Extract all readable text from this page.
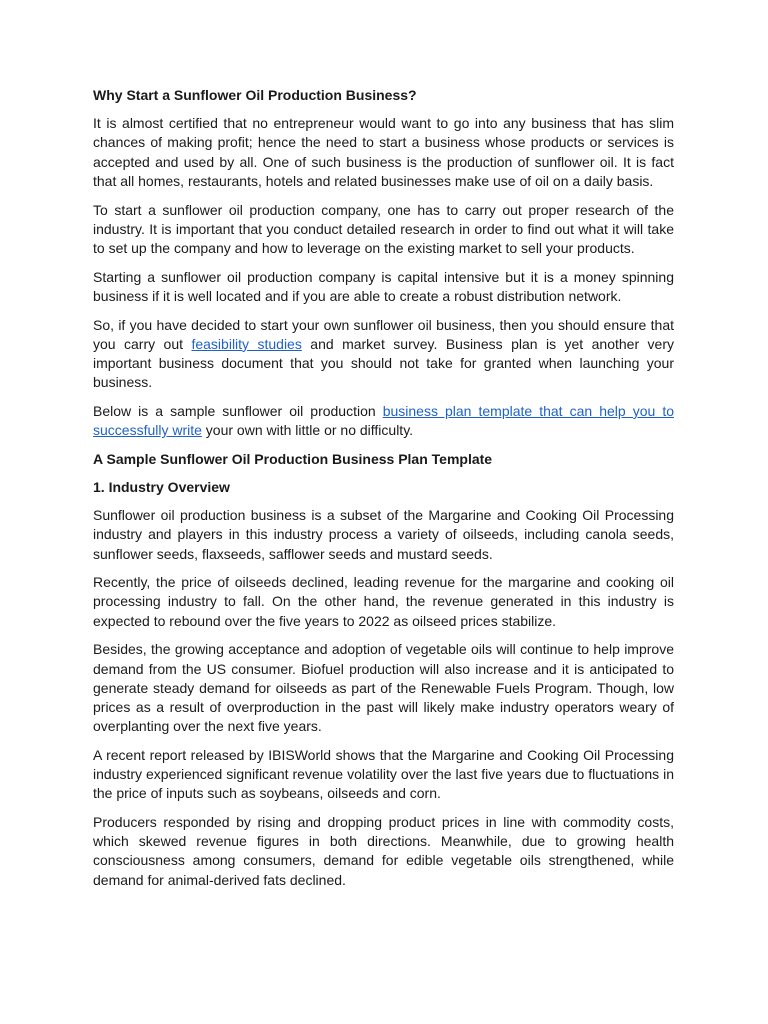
Why Start a Sunflower Oil Production Business?

It is almost certified that no entrepreneur would want to go into any business that has slim chances of making profit; hence the need to start a business whose products or services is accepted and used by all. One of such business is the production of sunflower oil. It is fact that all homes, restaurants, hotels and related businesses make use of oil on a daily basis.

To start a sunflower oil production company, one has to carry out proper research of the industry. It is important that you conduct detailed research in order to find out what it will take to set up the company and how to leverage on the existing market to sell your products.

Starting a sunflower oil production company is capital intensive but it is a money spinning business if it is well located and if you are able to create a robust distribution network.

So, if you have decided to start your own sunflower oil business, then you should ensure that you carry out feasibility studies and market survey. Business plan is yet another very important business document that you should not take for granted when launching your business.

Below is a sample sunflower oil production business plan template that can help you to successfully write your own with little or no difficulty.

A Sample Sunflower Oil Production Business Plan Template

1. Industry Overview

Sunflower oil production business is a subset of the Margarine and Cooking Oil Processing industry and players in this industry process a variety of oilseeds, including canola seeds, sunflower seeds, flaxseeds, safflower seeds and mustard seeds.

Recently, the price of oilseeds declined, leading revenue for the margarine and cooking oil processing industry to fall. On the other hand, the revenue generated in this industry is expected to rebound over the five years to 2022 as oilseed prices stabilize.

Besides, the growing acceptance and adoption of vegetable oils will continue to help improve demand from the US consumer. Biofuel production will also increase and it is anticipated to generate steady demand for oilseeds as part of the Renewable Fuels Program. Though, low prices as a result of overproduction in the past will likely make industry operators weary of overplanting over the next five years.

A recent report released by IBISWorld shows that the Margarine and Cooking Oil Processing industry experienced significant revenue volatility over the last five years due to fluctuations in the price of inputs such as soybeans, oilseeds and corn.

Producers responded by rising and dropping product prices in line with commodity costs, which skewed revenue figures in both directions. Meanwhile, due to growing health consciousness among consumers, demand for edible vegetable oils strengthened, while demand for animal-derived fats declined.
